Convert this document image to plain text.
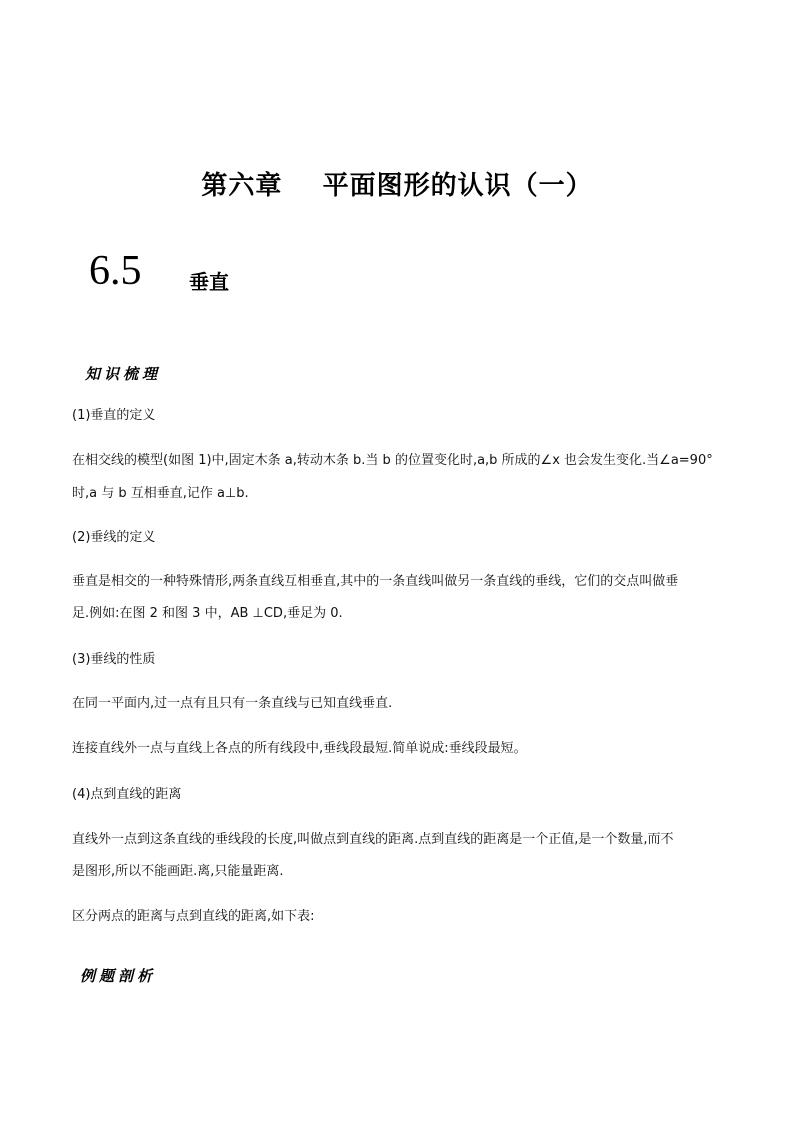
第六章    平面图形的认识（一）
6.5 垂直
知识梳理
(1)垂直的定义
在相交线的模型(如图 1)中,固定木条 a,转动木条 b.当 b 的位置变化时,a,b 所成的∠x 也会发生变化.当∠a=90°
时,a 与 b 互相垂直,记作 a⊥b.
(2)垂线的定义
垂直是相交的一种特殊情形,两条直线互相垂直,其中的一条直线叫做另一条直线的垂线，它们的交点叫做垂
足.例如:在图 2 和图 3 中，AB ⊥CD,垂足为 0.
(3)垂线的性质
在同一平面内,过一点有且只有一条直线与已知直线垂直.
连接直线外一点与直线上各点的所有线段中,垂线段最短.简单说成:垂线段最短。
(4)点到直线的距离
直线外一点到这条直线的垂线段的长度,叫做点到直线的距离.点到直线的距离是一个正值,是一个数量,而不
是图形,所以不能画距.离,只能量距离.
区分两点的距离与点到直线的距离,如下表:
例题剖析
